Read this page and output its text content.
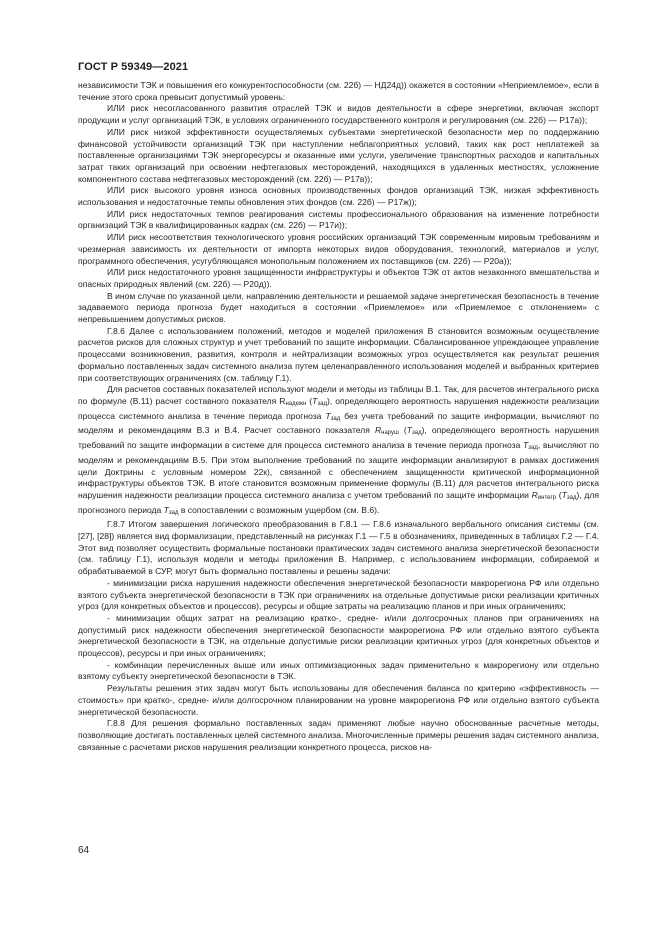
ГОСТ Р 59349—2021

независимости ТЭК и повышения его конкурентоспособности (см. 22б) — НД24д)) окажется в состоянии «Неприемлемое», если в течение этого срока превысит допустимый уровень:

ИЛИ риск несогласованного развития отраслей ТЭК и видов деятельности в сфере энергетики, включая экспорт продукции и услуг организаций ТЭК, в условиях ограниченного государственного контроля и регулирования (см. 22б) — Р17а));

ИЛИ риск низкой эффективности осуществляемых субъектами энергетической безопасности мер по поддержанию финансовой устойчивости организаций ТЭК при наступлении неблагоприятных условий, таких как рост неплатежей за поставленные организациями ТЭК энергоресурсы и оказанные ими услуги, увеличение транспортных расходов и капитальных затрат таких организаций при освоении нефтегазовых месторождений, находящихся в удаленных местностях, усложнение компонентного состава нефтегазовых месторождений (см. 22б) — Р17в));

ИЛИ риск высокого уровня износа основных производственных фондов организаций ТЭК, низкая эффективность использования и недостаточные темпы обновления этих фондов (см. 22б) — Р17ж));

ИЛИ риск недостаточных темпов реагирования системы профессионального образования на изменение потребности организаций ТЭК в квалифицированных кадрах (см. 22б) — Р17и));

ИЛИ риск несоответствия технологического уровня российских организаций ТЭК современным мировым требованиям и чрезмерная зависимость их деятельности от импорта некоторых видов оборудования, технологий, материалов и услуг, программного обеспечения, усугубляющаяся монопольным положением их поставщиков (см. 22б) — Р20а));

ИЛИ риск недостаточного уровня защищенности инфраструктуры и объектов ТЭК от актов незаконного вмешательства и опасных природных явлений (см. 22б) — Р20д)).

В ином случае по указанной цели, направлению деятельности и решаемой задаче энергетическая безопасность в течение задаваемого периода прогноза будет находиться в состоянии «Приемлемое» или «Приемлемое с отклонением» с непревышением допустимых рисков.

Г.8.6 Далее с использованием положений, методов и моделей приложения В становится возможным осуществление расчетов рисков для сложных структур и учет требований по защите информации. Сбалансированное упреждающее управление процессами возникновения, развития, контроля и нейтрализации возможных угроз осуществляется как результат решения формально поставленных задач системного анализа путем целенаправленного использования моделей и выбранных критериев при соответствующих ограничениях (см. таблицу Г.1).

Для расчетов составных показателей используют модели и методы из таблицы В.1. Так, для расчетов интегрального риска по формуле (В.11) расчет составного показателя $R_{надежн}$ $(T_{зад})$, определяющего вероятность нарушения надежности реализации процесса системного анализа в течение периода прогноза $T_{зад}$ без учета требований по защите информации, вычисляют по моделям и рекомендациям В.3 и В.4. Расчет составного показателя $R_{наруш}$ $(T_{зад})$, определяющего вероятность нарушения требований по защите информации в системе для процесса системного анализа в течение периода прогноза $T_{зад}$, вычисляют по моделям и рекомендациям В.5. При этом выполнение требований по защите информации анализируют в рамках достижения цели Доктрины с условным номером 22к), связанной с обеспечением защищенности критической информационной инфраструктуры объектов ТЭК. В итоге становится возможным применение формулы (В.11) для расчетов интегрального риска нарушения надежности реализации процесса системного анализа с учетом требований по защите информации $R_{интегр}$ $(T_{зад})$, для прогнозного периода $T_{зад}$ в сопоставлении с возможным ущербом (см. В.6).

Г.8.7 Итогом завершения логического преобразования в Г.8.1 — Г.8.6 изначального вербального описания системы (см. [27], [28]) является вид формализации, представленный на рисунках Г.1 — Г.5 в обозначениях, приведенных в таблицах Г.2 — Г.4. Этот вид позволяет осуществить формальные постановки практических задач системного анализа энергетической безопасности (см. таблицу Г.1), используя модели и методы приложения В. Например, с использованием информации, собираемой и обрабатываемой в СУР, могут быть формально поставлены и решены задачи:

- минимизации риска нарушения надежности обеспечения энергетической безопасности макрорегиона РФ или отдельно взятого субъекта энергетической безопасности в ТЭК при ограничениях на отдельные допустимые риски реализации критичных угроз (для конкретных объектов и процессов), ресурсы и общие затраты на реализацию планов и при иных ограничениях;

- минимизации общих затрат на реализацию кратко-, средне- и/или долгосрочных планов при ограничениях на допустимый риск надежности обеспечения энергетической безопасности макрорегиона РФ или отдельно взятого субъекта энергетической безопасности в ТЭК, на отдельные допустимые риски реализации критичных угроз (для конкретных объектов и процессов), ресурсы и при иных ограничениях;

- комбинации перечисленных выше или иных оптимизационных задач применительно к макрорегиону или отдельно взятому субъекту энергетической безопасности в ТЭК.

Результаты решения этих задач могут быть использованы для обеспечения баланса по критерию «эффективность — стоимость» при кратко-, средне- и/или долгосрочном планировании на уровне макрорегиона РФ или отдельно взятого субъекта энергетической безопасности.

Г.8.8 Для решения формально поставленных задач применяют любые научно обоснованные расчетные методы, позволяющие достигать поставленных целей системного анализа. Многочисленные примеры решения задач системного анализа, связанные с расчетами рисков нарушения реализации конкретного процесса, рисков на-

64
